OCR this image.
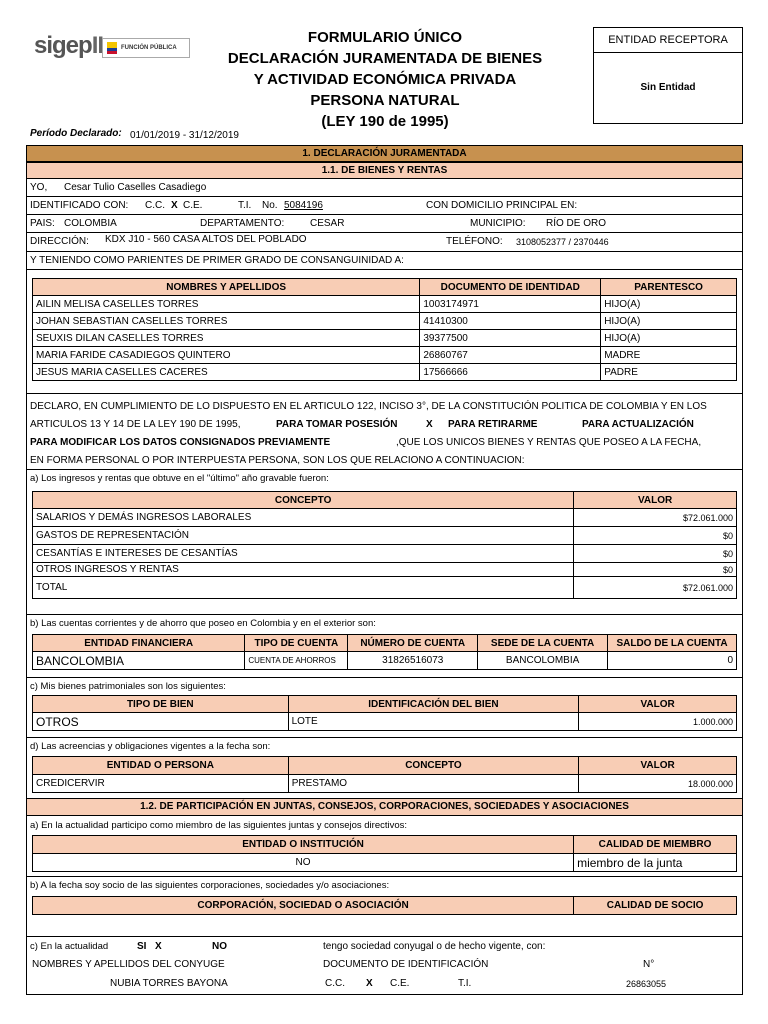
sigepII	FUNCIÓN PÚBLICA
FORMULARIO ÚNICO
DECLARACIÓN JURAMENTADA DE BIENES
Y ACTIVIDAD ECONÓMICA PRIVADA
PERSONA NATURAL
(LEY 190 de 1995)
ENTIDAD RECEPTORA
Sin Entidad
Período Declarado: 01/01/2019 - 31/12/2019
1. DECLARACIÓN JURAMENTADA
1.1. DE BIENES Y RENTAS
YO, Cesar Tulio Caselles Casadiego
IDENTIFICADO CON: C.C. X C.E.	T.I. No. 5084196	CON DOMICILIO PRINCIPAL EN:
PAIS: COLOMBIA	DEPARTAMENTO:	CESAR	MUNICIPIO: RÍO DE ORO
DIRECCIÓN: KDX J10 - 560 CASA ALTOS DEL POBLADO	TELÉFONO: 3108052377 / 2370446
Y TENIENDO COMO PARIENTES DE PRIMER GRADO DE CONSANGUINIDAD A:
NOMBRES Y APELLIDOS	DOCUMENTO DE IDENTIDAD	PARENTESCO
AILIN MELISA CASELLES TORRES	1003174971	HIJO(A)
JOHAN SEBASTIAN CASELLES TORRES	41410300	HIJO(A)
SEUXIS DILAN CASELLES TORRES	39377500	HIJO(A)
MARIA FARIDE CASADIEGOS QUINTERO	26860767	MADRE
JESUS MARIA CASELLES CACERES	17566666	PADRE
DECLARO, EN CUMPLIMIENTO DE LO DISPUESTO EN EL ARTICULO 122, INCISO 3°, DE LA CONSTITUCIÓN POLITICA DE COLOMBIA Y EN LOS
ARTICULOS 13 Y 14 DE LA LEY 190 DE 1995,	PARA TOMAR POSESIÓN	X PARA RETIRARME	PARA ACTUALIZACIÓN
PARA MODIFICAR LOS DATOS CONSIGNADOS PREVIAMENTE	,QUE LOS UNICOS BIENES Y RENTAS QUE POSEO A LA FECHA,
EN FORMA PERSONAL O POR INTERPUESTA PERSONA, SON LOS QUE RELACIONO A CONTINUACION:
a) Los ingresos y rentas que obtuve en el "último" año gravable fueron:
CONCEPTO	VALOR
SALARIOS Y DEMÁS INGRESOS LABORALES	$72.061.000
GASTOS DE REPRESENTACIÓN	$0
CESANTÍAS E INTERESES DE CESANTÍAS	$0
OTROS INGRESOS Y RENTAS	$0
TOTAL	$72.061.000
b) Las cuentas corrientes y de ahorro que poseo en Colombia y en el exterior son:
ENTIDAD FINANCIERA	TIPO DE CUENTA	NÚMERO DE CUENTA	SEDE DE LA CUENTA	SALDO DE LA CUENTA
BANCOLOMBIA	CUENTA DE AHORROS	31826516073	BANCOLOMBIA	0
c) Mis bienes patrimoniales son los siguientes:
TIPO DE BIEN	IDENTIFICACIÓN DEL BIEN	VALOR
OTROS	LOTE	1.000.000
d) Las acreencias y obligaciones vigentes a la fecha son:
ENTIDAD O PERSONA	CONCEPTO	VALOR
CREDICERVIR	PRESTAMO	18.000.000
1.2. DE PARTICIPACIÓN EN JUNTAS, CONSEJOS, CORPORACIONES, SOCIEDADES Y ASOCIACIONES
a) En la actualidad participo como miembro de las siguientes juntas y consejos directivos:
ENTIDAD O INSTITUCIÓN	CALIDAD DE MIEMBRO
NO	miembro de la junta
b) A la fecha soy socio de las siguientes corporaciones, sociedades y/o asociaciones:
CORPORACIÓN, SOCIEDAD O ASOCIACIÓN	CALIDAD DE SOCIO
c) En la actualidad	SI X	NO	tengo sociedad conyugal o de hecho vigente, con:
NOMBRES Y APELLIDOS DEL CONYUGE	DOCUMENTO DE IDENTIFICACIÓN	N°
NUBIA TORRES BAYONA	C.C. X C.E.	T.I.	26863055
